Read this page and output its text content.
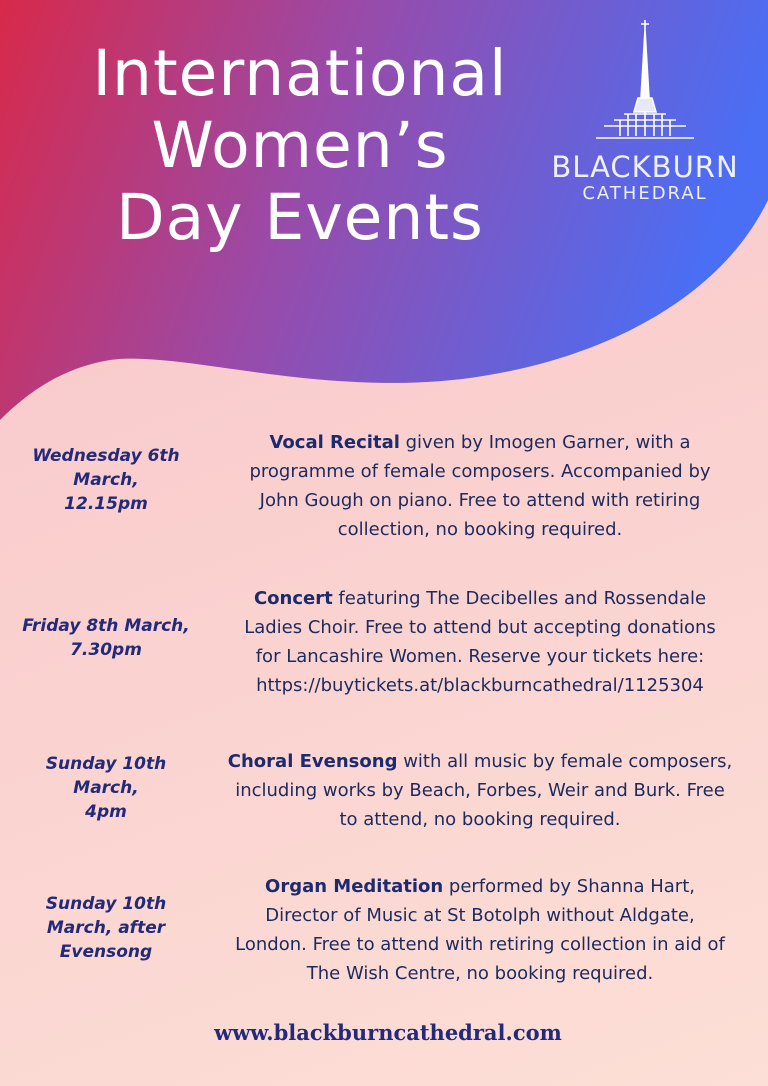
International
Women’s
Day Events
BLACKBURN
CATHEDRAL
Wednesday 6th
March,
12.15pm
Vocal Recital given by Imogen Garner, with a
programme of female composers. Accompanied by
John Gough on piano. Free to attend with retiring
collection, no booking required.
Friday 8th March,
7.30pm
Concert featuring The Decibelles and Rossendale
Ladies Choir. Free to attend but accepting donations
for Lancashire Women. Reserve your tickets here:
https://buytickets.at/blackburncathedral/1125304
Sunday 10th
March,
4pm
Choral Evensong with all music by female composers,
including works by Beach, Forbes, Weir and Burk. Free
to attend, no booking required.
Sunday 10th
March, after
Evensong
Organ Meditation performed by Shanna Hart,
Director of Music at St Botolph without Aldgate,
London. Free to attend with retiring collection in aid of
The Wish Centre, no booking required.
www.blackburncathedral.com
